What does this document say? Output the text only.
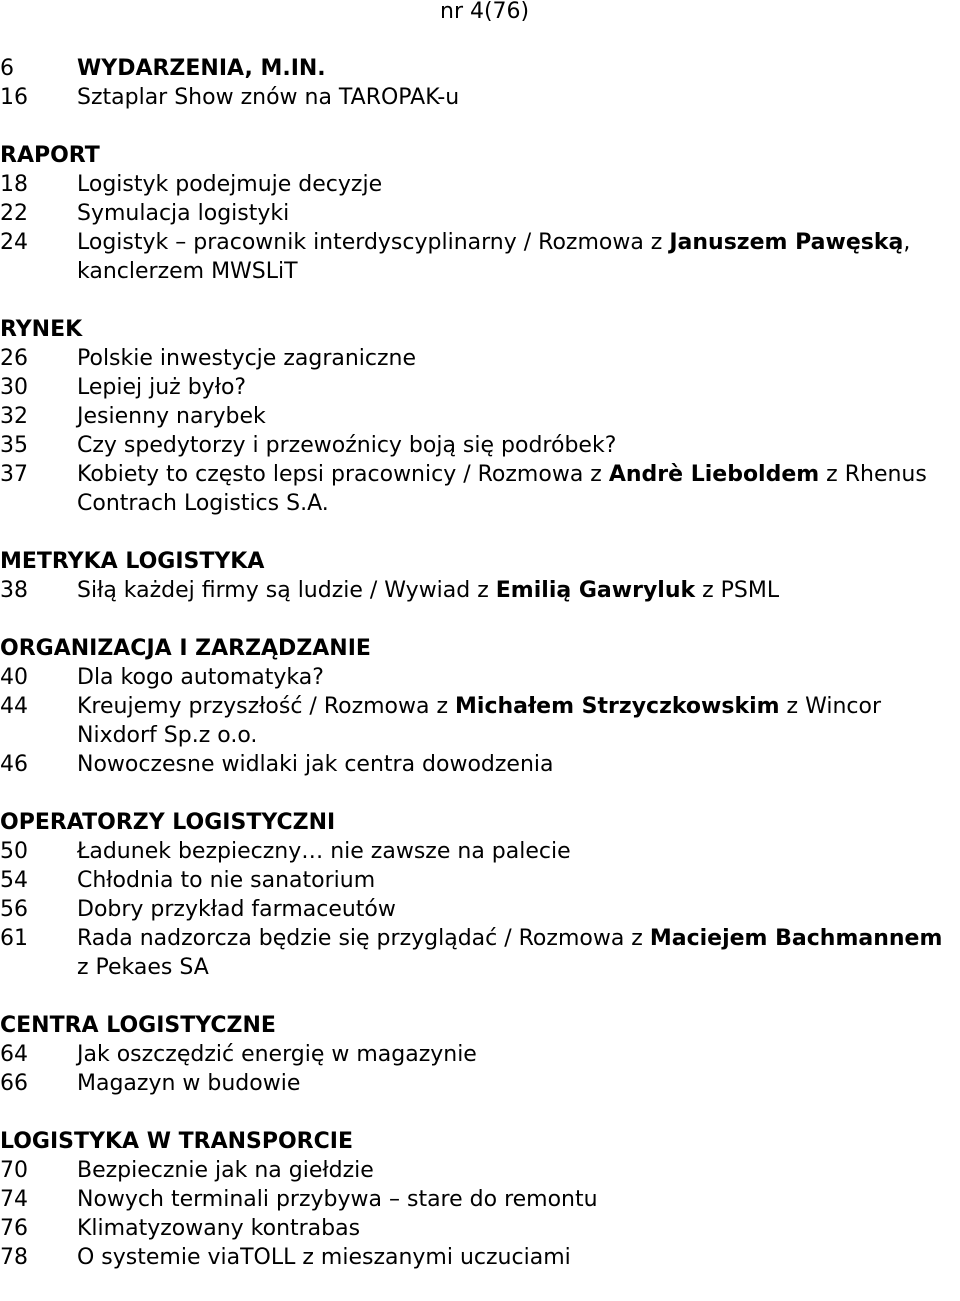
nr 4(76)
6	WYDARZENIA, M.IN.
16	Sztaplar Show znów na TAROPAK-u
RAPORT
18	Logistyk podejmuje decyzje
22	Symulacja logistyki
24	Logistyk – pracownik interdyscyplinarny / Rozmowa z Januszem Pawęską, kanclerzem MWSLiT
RYNEK
26	Polskie inwestycje zagraniczne
30	Lepiej już było?
32	Jesienny narybek
35	Czy spedytorzy i przewoźnicy boją się podróbek?
37	Kobiety to często lepsi pracownicy / Rozmowa z Andrè Lieboldem z Rhenus Contrach Logistics S.A.
METRYKA LOGISTYKA
38	Siłą każdej firmy są ludzie / Wywiad z Emilią Gawryluk z PSML
ORGANIZACJA I ZARZĄDZANIE
40	Dla kogo automatyka?
44	Kreujemy przyszłość / Rozmowa z Michałem Strzyczkowskim z Wincor Nixdorf Sp.z o.o.
46	Nowoczesne widlaki jak centra dowodzenia
OPERATORZY LOGISTYCZNI
50	Ładunek bezpieczny… nie zawsze na palecie
54	Chłodnia to nie sanatorium
56	Dobry przykład farmaceutów
61	Rada nadzorcza będzie się przyglądać / Rozmowa z Maciejem Bachmannem z Pekaes SA
CENTRA LOGISTYCZNE
64	Jak oszczędzić energię w magazynie
66	Magazyn w budowie
LOGISTYKA W TRANSPORCIE
70	Bezpiecznie jak na giełdzie
74	Nowych terminali przybywa – stare do remontu
76	Klimatyzowany kontrabas
78	O systemie viaTOLL z mieszanymi uczuciami
